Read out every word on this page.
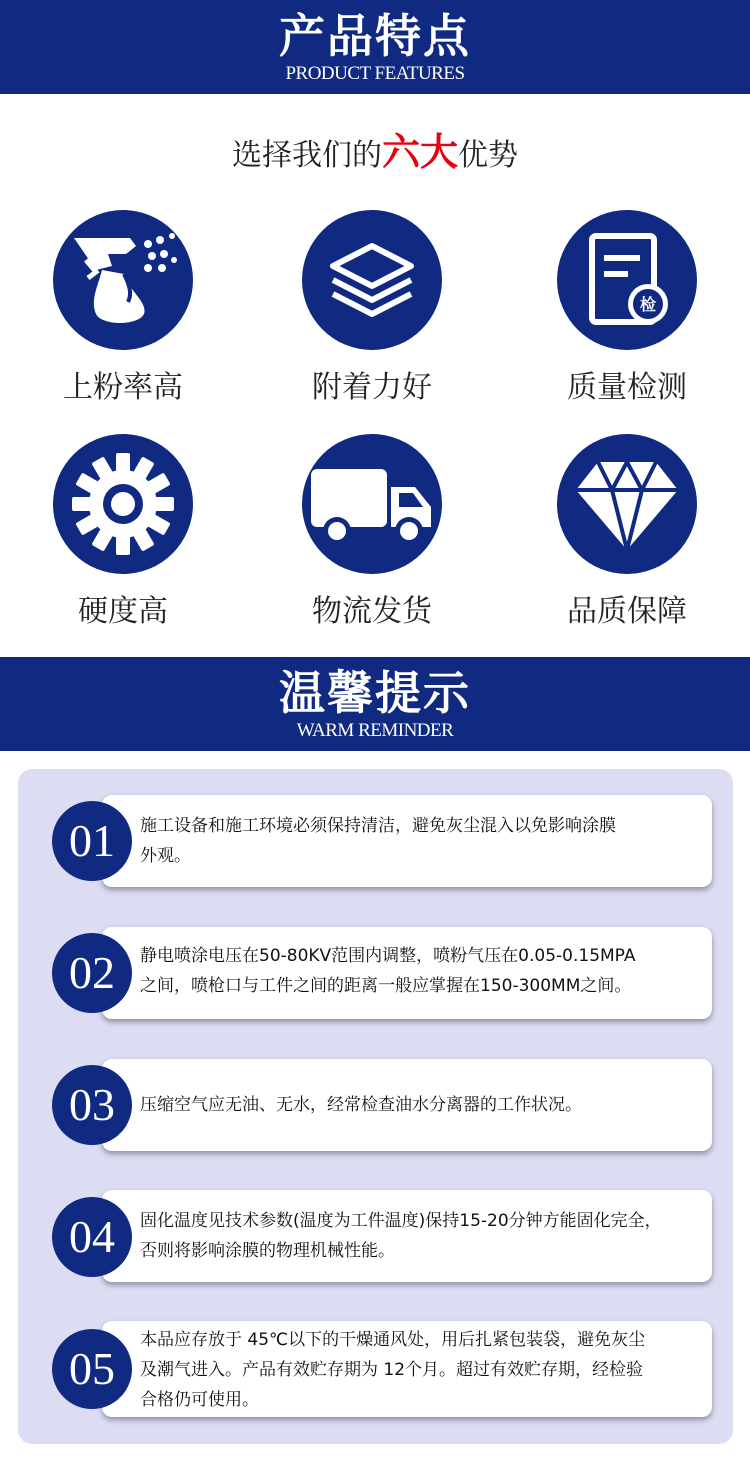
产品特点
PRODUCT FEATURES
选择我们的六大优势
上粉率高	附着力好
检
质量检测
硬度高	物流发货	品质保障
温馨提示
WARM REMINDER
施工设备和施工环境必须保持清洁，避免灰尘混入以免影响涂膜
外观。
01
静电喷涂电压在50-80KV范围内调整，喷粉气压在0.05-0.15MPA
之间，喷枪口与工件之间的距离一般应掌握在150-300MM之间。
02
压缩空气应无油、无水，经常检查油水分离器的工作状况。
03
固化温度见技术参数(温度为工件温度)保持15-20分钟方能固化完全，
否则将影响涂膜的物理机械性能。
04
本品应存放于 45℃以下的干燥通风处，用后扎紧包装袋，避免灰尘
及潮气进入。产品有效贮存期为 12个月。超过有效贮存期，经检验
合格仍可使用。
05
